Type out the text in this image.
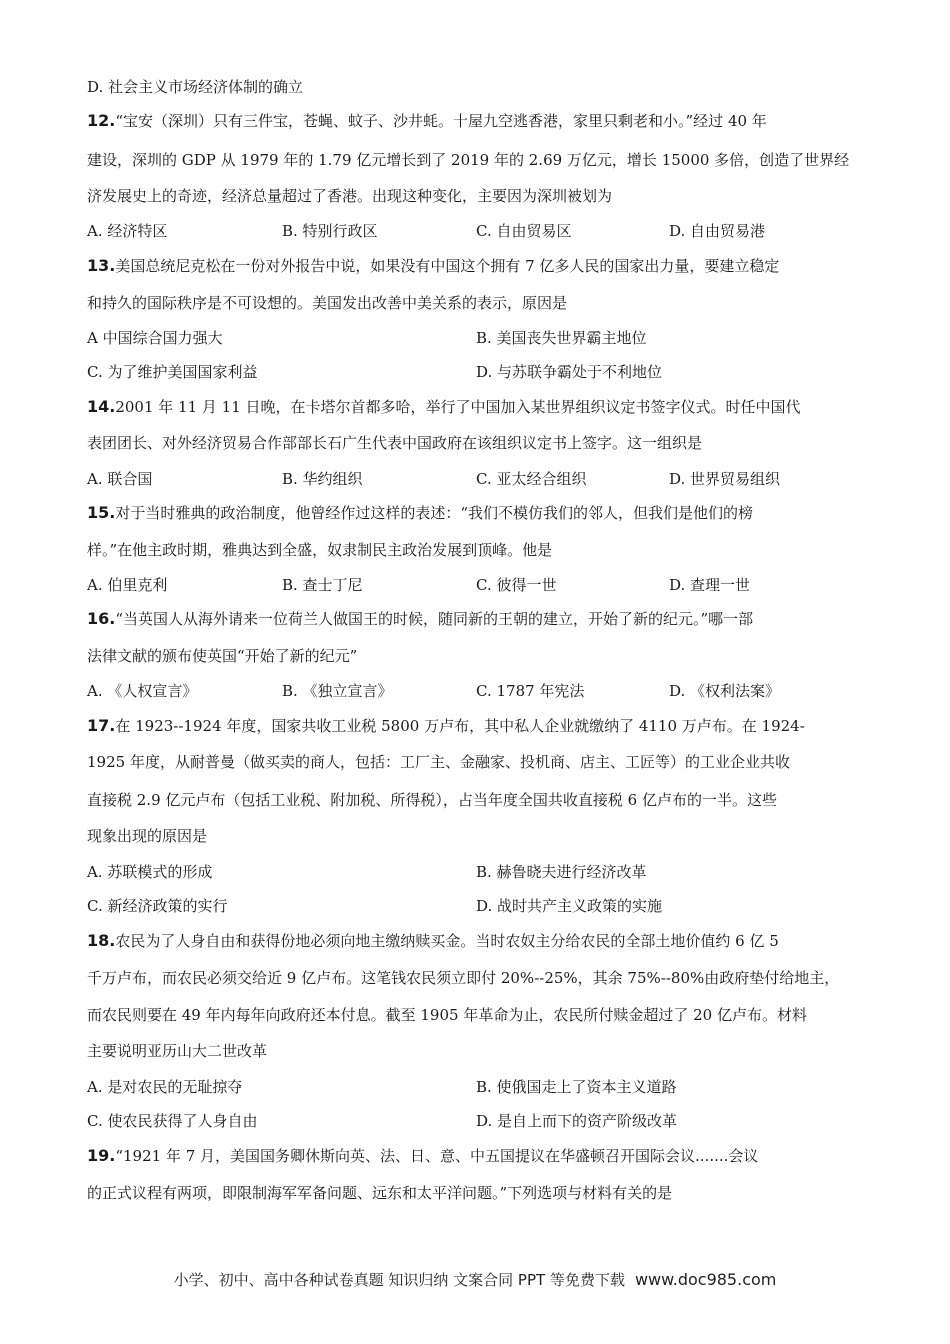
D. 社会主义市场经济体制的确立
12.“宝安（深圳）只有三件宝，苍蝇、蚊子、沙井蚝。十屋九空逃香港，家里只剩老和小。”经过 40 年
建设，深圳的 GDP 从 1979 年的 1.79 亿元增长到了 2019 年的 2.69 万亿元，增长 15000 多倍，创造了世界经
济发展史上的奇迹，经济总量超过了香港。出现这种变化，主要因为深圳被划为
A. 经济特区	B. 特别行政区	C. 自由贸易区	D. 自由贸易港
13.美国总统尼克松在一份对外报告中说，如果没有中国这个拥有 7 亿多人民的国家出力量，要建立稳定
和持久的国际秩序是不可设想的。美国发出改善中美关系的表示，原因是
A 中国综合国力强大	B. 美国丧失世界霸主地位
C. 为了维护美国国家利益	D. 与苏联争霸处于不利地位
14.2001 年 11 月 11 日晚，在卡塔尔首都多哈，举行了中国加入某世界组织议定书签字仪式。时任中国代
表团团长、对外经济贸易合作部部长石广生代表中国政府在该组织议定书上签字。这一组织是
A. 联合国	B. 华约组织	C. 亚太经合组织	D. 世界贸易组织
15.对于当时雅典的政治制度，他曾经作过这样的表述：“我们不模仿我们的邻人，但我们是他们的榜
样。”在他主政时期，雅典达到全盛，奴隶制民主政治发展到顶峰。他是
A. 伯里克利	B. 查士丁尼	C. 彼得一世	D. 查理一世
16.“当英国人从海外请来一位荷兰人做国王的时候，随同新的王朝的建立，开始了新的纪元。”哪一部
法律文献的颁布使英国“开始了新的纪元”
A. 《人权宣言》	B. 《独立宣言》	C. 1787 年宪法	D. 《权利法案》
17.在 1923--1924 年度，国家共收工业税 5800 万卢布，其中私人企业就缴纳了 4110 万卢布。在 1924-
1925 年度，从耐普曼（做买卖的商人，包括：工厂主、金融家、投机商、店主、工匠等）的工业企业共收
直接税 2.9 亿元卢布（包括工业税、附加税、所得税），占当年度全国共收直接税 6 亿卢布的一半。这些
现象出现的原因是
A. 苏联模式的形成	B. 赫鲁晓夫进行经济改革
C. 新经济政策的实行	D. 战时共产主义政策的实施
18.农民为了人身自由和获得份地必须向地主缴纳赎买金。当时农奴主分给农民的全部土地价值约 6 亿 5
千万卢布，而农民必须交给近 9 亿卢布。这笔钱农民须立即付 20%--25%，其余 75%--80%由政府垫付给地主，
而农民则要在 49 年内每年向政府还本付息。截至 1905 年革命为止，农民所付赎金超过了 20 亿卢布。材料
主要说明亚历山大二世改革
A. 是对农民的无耻掠夺	B. 使俄国走上了资本主义道路
C. 使农民获得了人身自由	D. 是自上而下的资产阶级改革
19.“1921 年 7 月，美国国务卿休斯向英、法、日、意、中五国提议在华盛顿召开国际会议.......会议
的正式议程有两项，即限制海军军备问题、远东和太平洋问题。”下列选项与材料有关的是
小学、初中、高中各种试卷真题 知识归纳 文案合同 PPT 等免费下载 www.doc985.com
